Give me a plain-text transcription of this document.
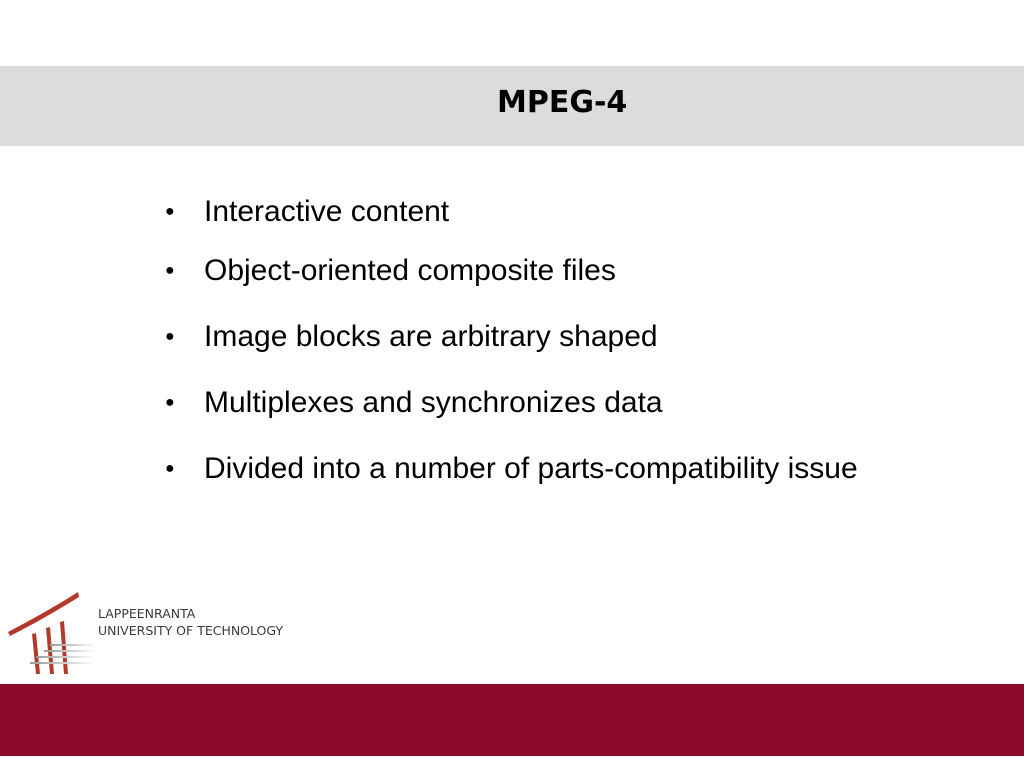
MPEG-4
● Interactive content
● Object-oriented composite files
● Image blocks are arbitrary shaped
● Multiplexes and synchronizes data
● Divided into a number of parts-compatibility issue
LAPPEENRANTA
UNIVERSITY OF TECHNOLOGY
